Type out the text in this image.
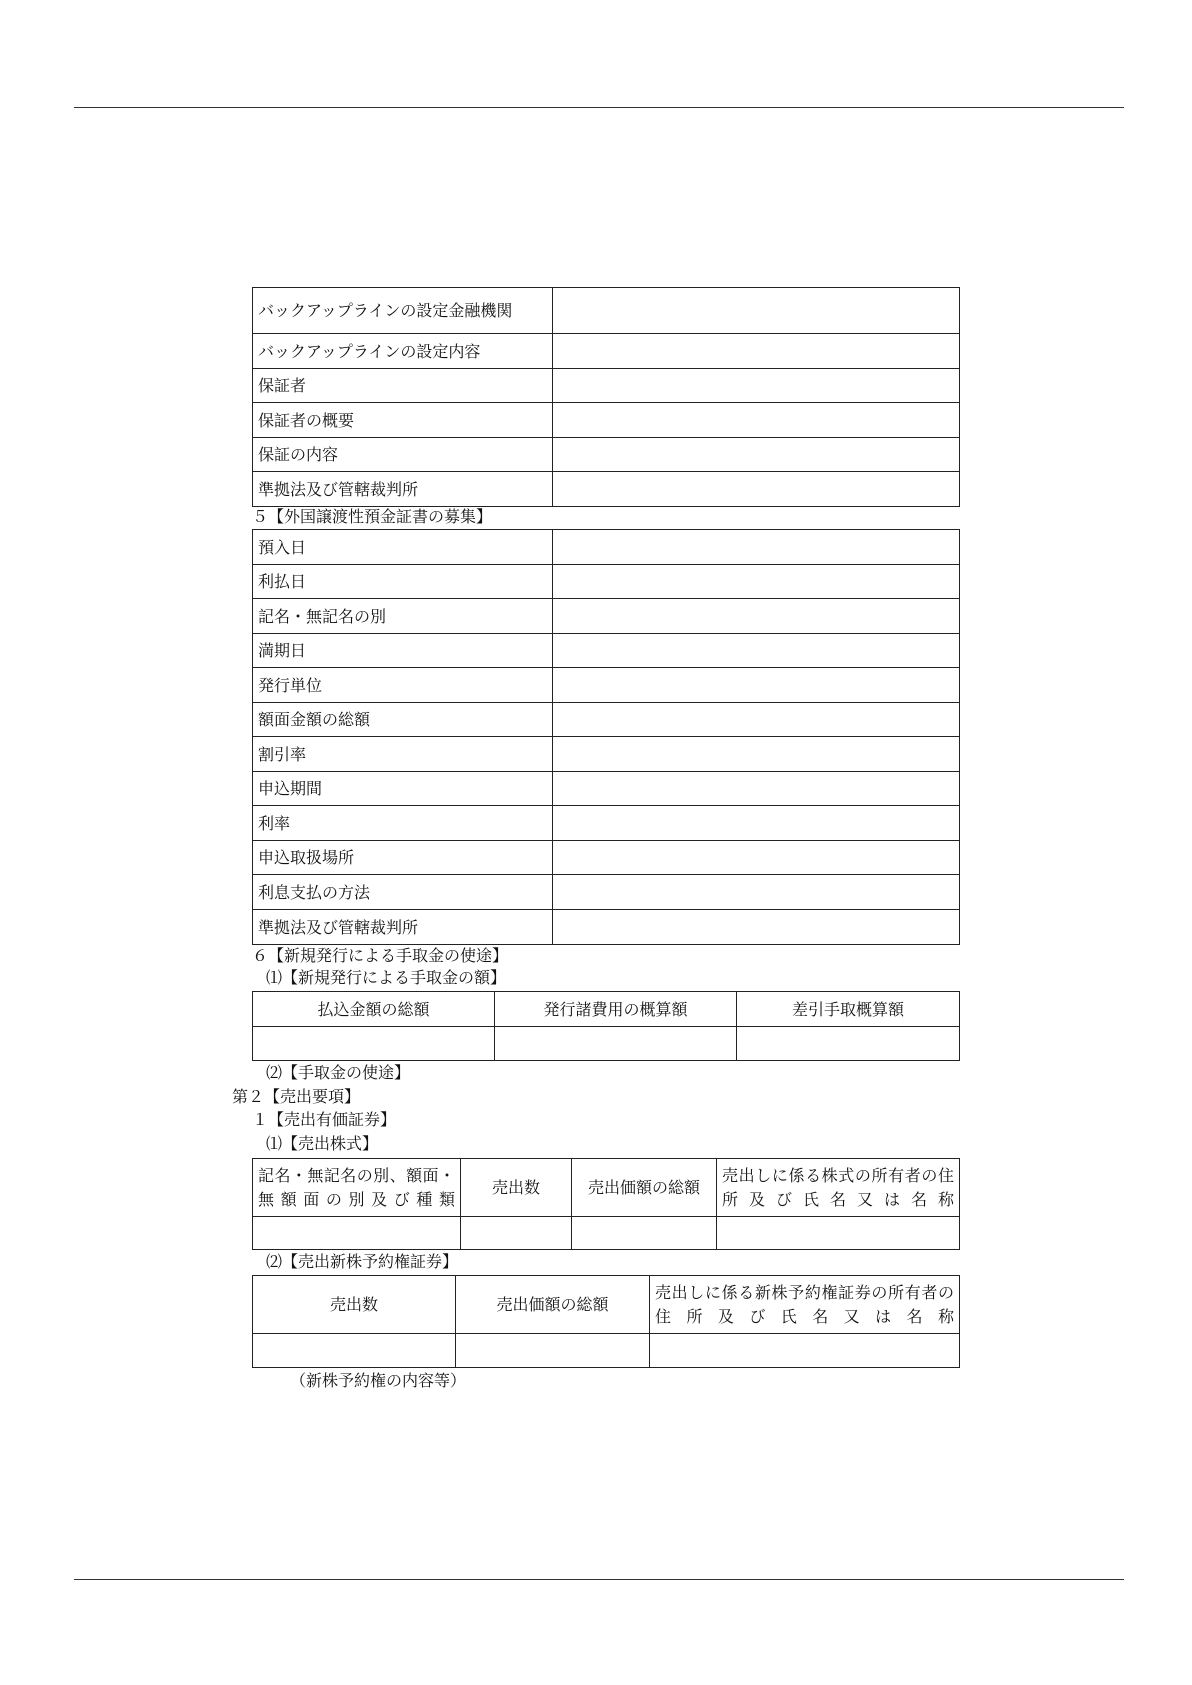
バックアップラインの設定金融機関	
バックアップラインの設定内容	
保証者	
保証者の概要	
保証の内容	
準拠法及び管轄裁判所	
５【外国譲渡性預金証書の募集】
預入日	
利払日	
記名・無記名の別	
満期日	
発行単位	
額面金額の総額	
割引率	
申込期間	
利率	
申込取扱場所	
利息支払の方法	
準拠法及び管轄裁判所	
６【新規発行による手取金の使途】
⑴【新規発行による手取金の額】
払込金額の総額	発行諸費用の概算額	差引手取概算額

⑵【手取金の使途】
第２【売出要項】
１【売出有価証券】
⑴【売出株式】
記名・無記名の別、額面・無額面の別及び種類	売出数	売出価額の総額	売出しに係る株式の所有者の住所及び氏名又は名称

⑵【売出新株予約権証券】
売出数	売出価額の総額	売出しに係る新株予約権証券の所有者の住所及び氏名又は名称

（新株予約権の内容等）
